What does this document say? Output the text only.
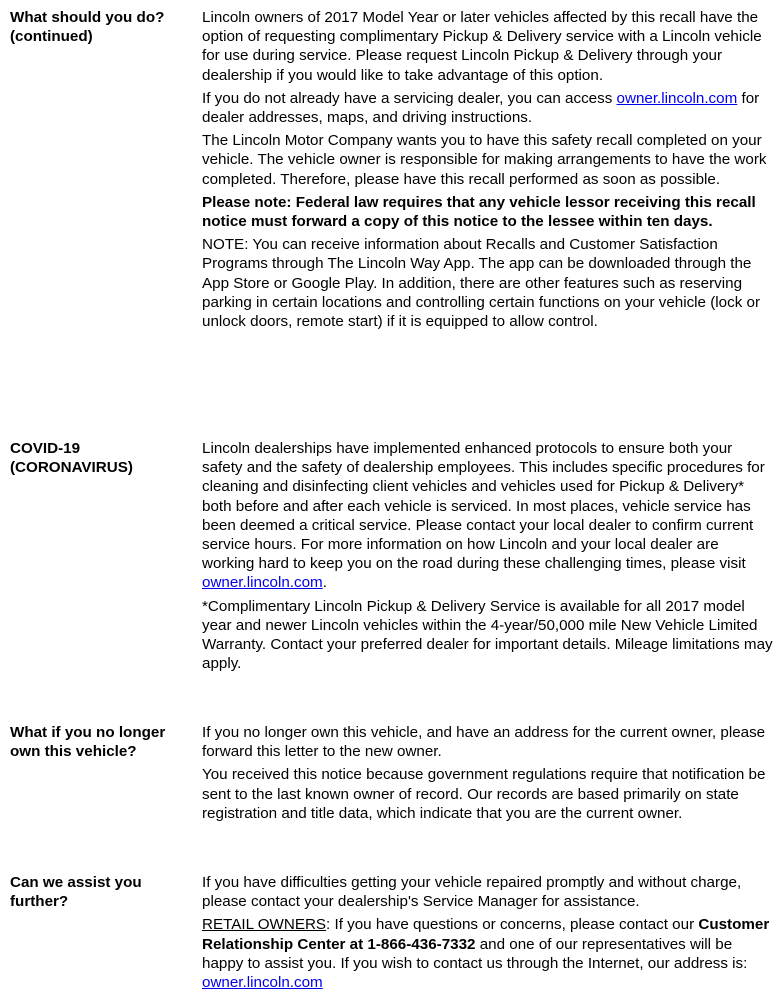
What should you do?
(continued)

Lincoln owners of 2017 Model Year or later vehicles affected by this recall have the option of requesting complimentary Pickup & Delivery service with a Lincoln vehicle for use during service. Please request Lincoln Pickup & Delivery through your dealership if you would like to take advantage of this option.

If you do not already have a servicing dealer, you can access owner.lincoln.com for dealer addresses, maps, and driving instructions.

The Lincoln Motor Company wants you to have this safety recall completed on your vehicle. The vehicle owner is responsible for making arrangements to have the work completed. Therefore, please have this recall performed as soon as possible.

Please note: Federal law requires that any vehicle lessor receiving this recall notice must forward a copy of this notice to the lessee within ten days.

NOTE: You can receive information about Recalls and Customer Satisfaction Programs through The Lincoln Way App. The app can be downloaded through the App Store or Google Play. In addition, there are other features such as reserving parking in certain locations and controlling certain functions on your vehicle (lock or unlock doors, remote start) if it is equipped to allow control.

COVID-19
(CORONAVIRUS)

Lincoln dealerships have implemented enhanced protocols to ensure both your safety and the safety of dealership employees. This includes specific procedures for cleaning and disinfecting client vehicles and vehicles used for Pickup & Delivery* both before and after each vehicle is serviced. In most places, vehicle service has been deemed a critical service. Please contact your local dealer to confirm current service hours. For more information on how Lincoln and your local dealer are working hard to keep you on the road during these challenging times, please visit
owner.lincoln.com.

*Complimentary Lincoln Pickup & Delivery Service is available for all 2017 model year and newer Lincoln vehicles within the 4-year/50,000 mile New Vehicle Limited Warranty. Contact your preferred dealer for important details. Mileage limitations may apply.

What if you no longer
own this vehicle?

If you no longer own this vehicle, and have an address for the current owner, please forward this letter to the new owner.

You received this notice because government regulations require that notification be sent to the last known owner of record. Our records are based primarily on state registration and title data, which indicate that you are the current owner.

Can we assist you
further?

If you have difficulties getting your vehicle repaired promptly and without charge, please contact your dealership's Service Manager for assistance.

RETAIL OWNERS: If you have questions or concerns, please contact our Customer Relationship Center at 1-866-436-7332 and one of our representatives will be happy to assist you. If you wish to contact us through the Internet, our address is: owner.lincoln.com
